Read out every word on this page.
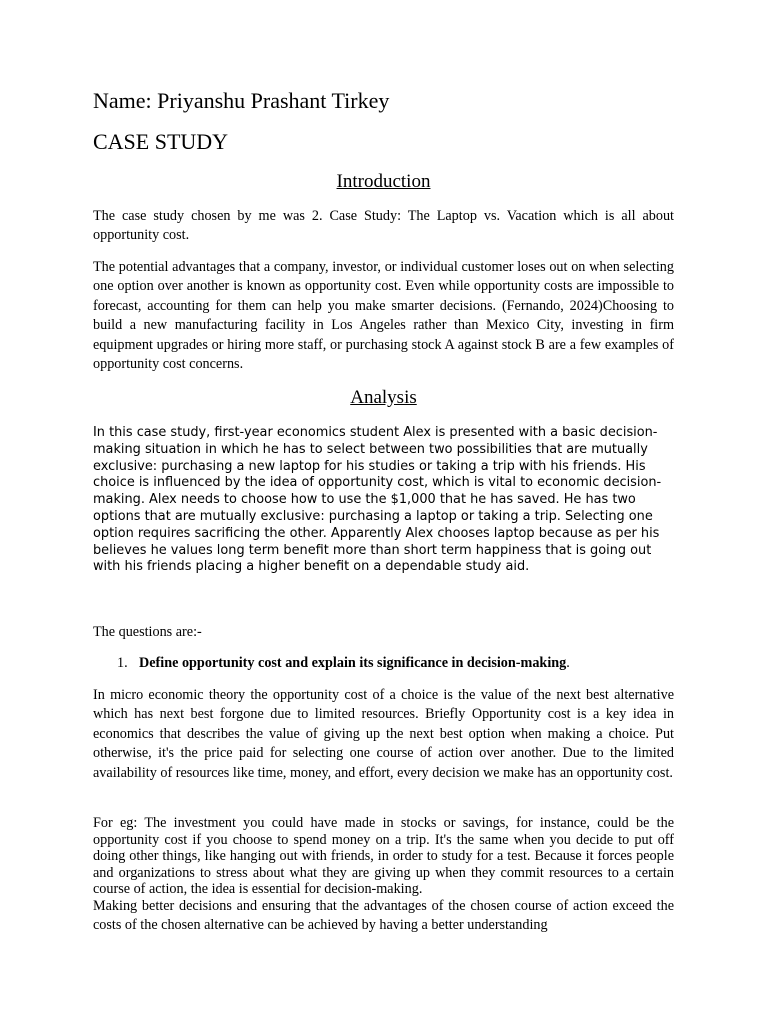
Name: Priyanshu Prashant Tirkey
CASE STUDY
Introduction

The case study chosen by me was 2. Case Study: The Laptop vs. Vacation which is all about opportunity cost.

The potential advantages that a company, investor, or individual customer loses out on when selecting one option over another is known as opportunity cost. Even while opportunity costs are impossible to forecast, accounting for them can help you make smarter decisions. (Fernando, 2024)Choosing to build a new manufacturing facility in Los Angeles rather than Mexico City, investing in firm equipment upgrades or hiring more staff, or purchasing stock A against stock B are a few examples of opportunity cost concerns.

Analysis

In this case study, first-year economics student Alex is presented with a basic decision-making situation in which he has to select between two possibilities that are mutually exclusive: purchasing a new laptop for his studies or taking a trip with his friends. His choice is influenced by the idea of opportunity cost, which is vital to economic decision-making. Alex needs to choose how to use the $1,000 that he has saved. He has two options that are mutually exclusive: purchasing a laptop or taking a trip. Selecting one option requires sacrificing the other. Apparently Alex chooses laptop because as per his believes he values long term benefit more than short term happiness that is going out with his friends placing a higher benefit on a dependable study aid.

The questions are:-

1. Define opportunity cost and explain its significance in decision-making.

In micro economic theory the opportunity cost of a choice is the value of the next best alternative which has next best forgone due to limited resources. Briefly Opportunity cost is a key idea in economics that describes the value of giving up the next best option when making a choice. Put otherwise, it's the price paid for selecting one course of action over another. Due to the limited availability of resources like time, money, and effort, every decision we make has an opportunity cost.

For eg: The investment you could have made in stocks or savings, for instance, could be the opportunity cost if you choose to spend money on a trip. It's the same when you decide to put off doing other things, like hanging out with friends, in order to study for a test. Because it forces people and organizations to stress about what they are giving up when they commit resources to a certain course of action, the idea is essential for decision-making.

Making better decisions and ensuring that the advantages of the chosen course of action exceed the costs of the chosen alternative can be achieved by having a better understanding
